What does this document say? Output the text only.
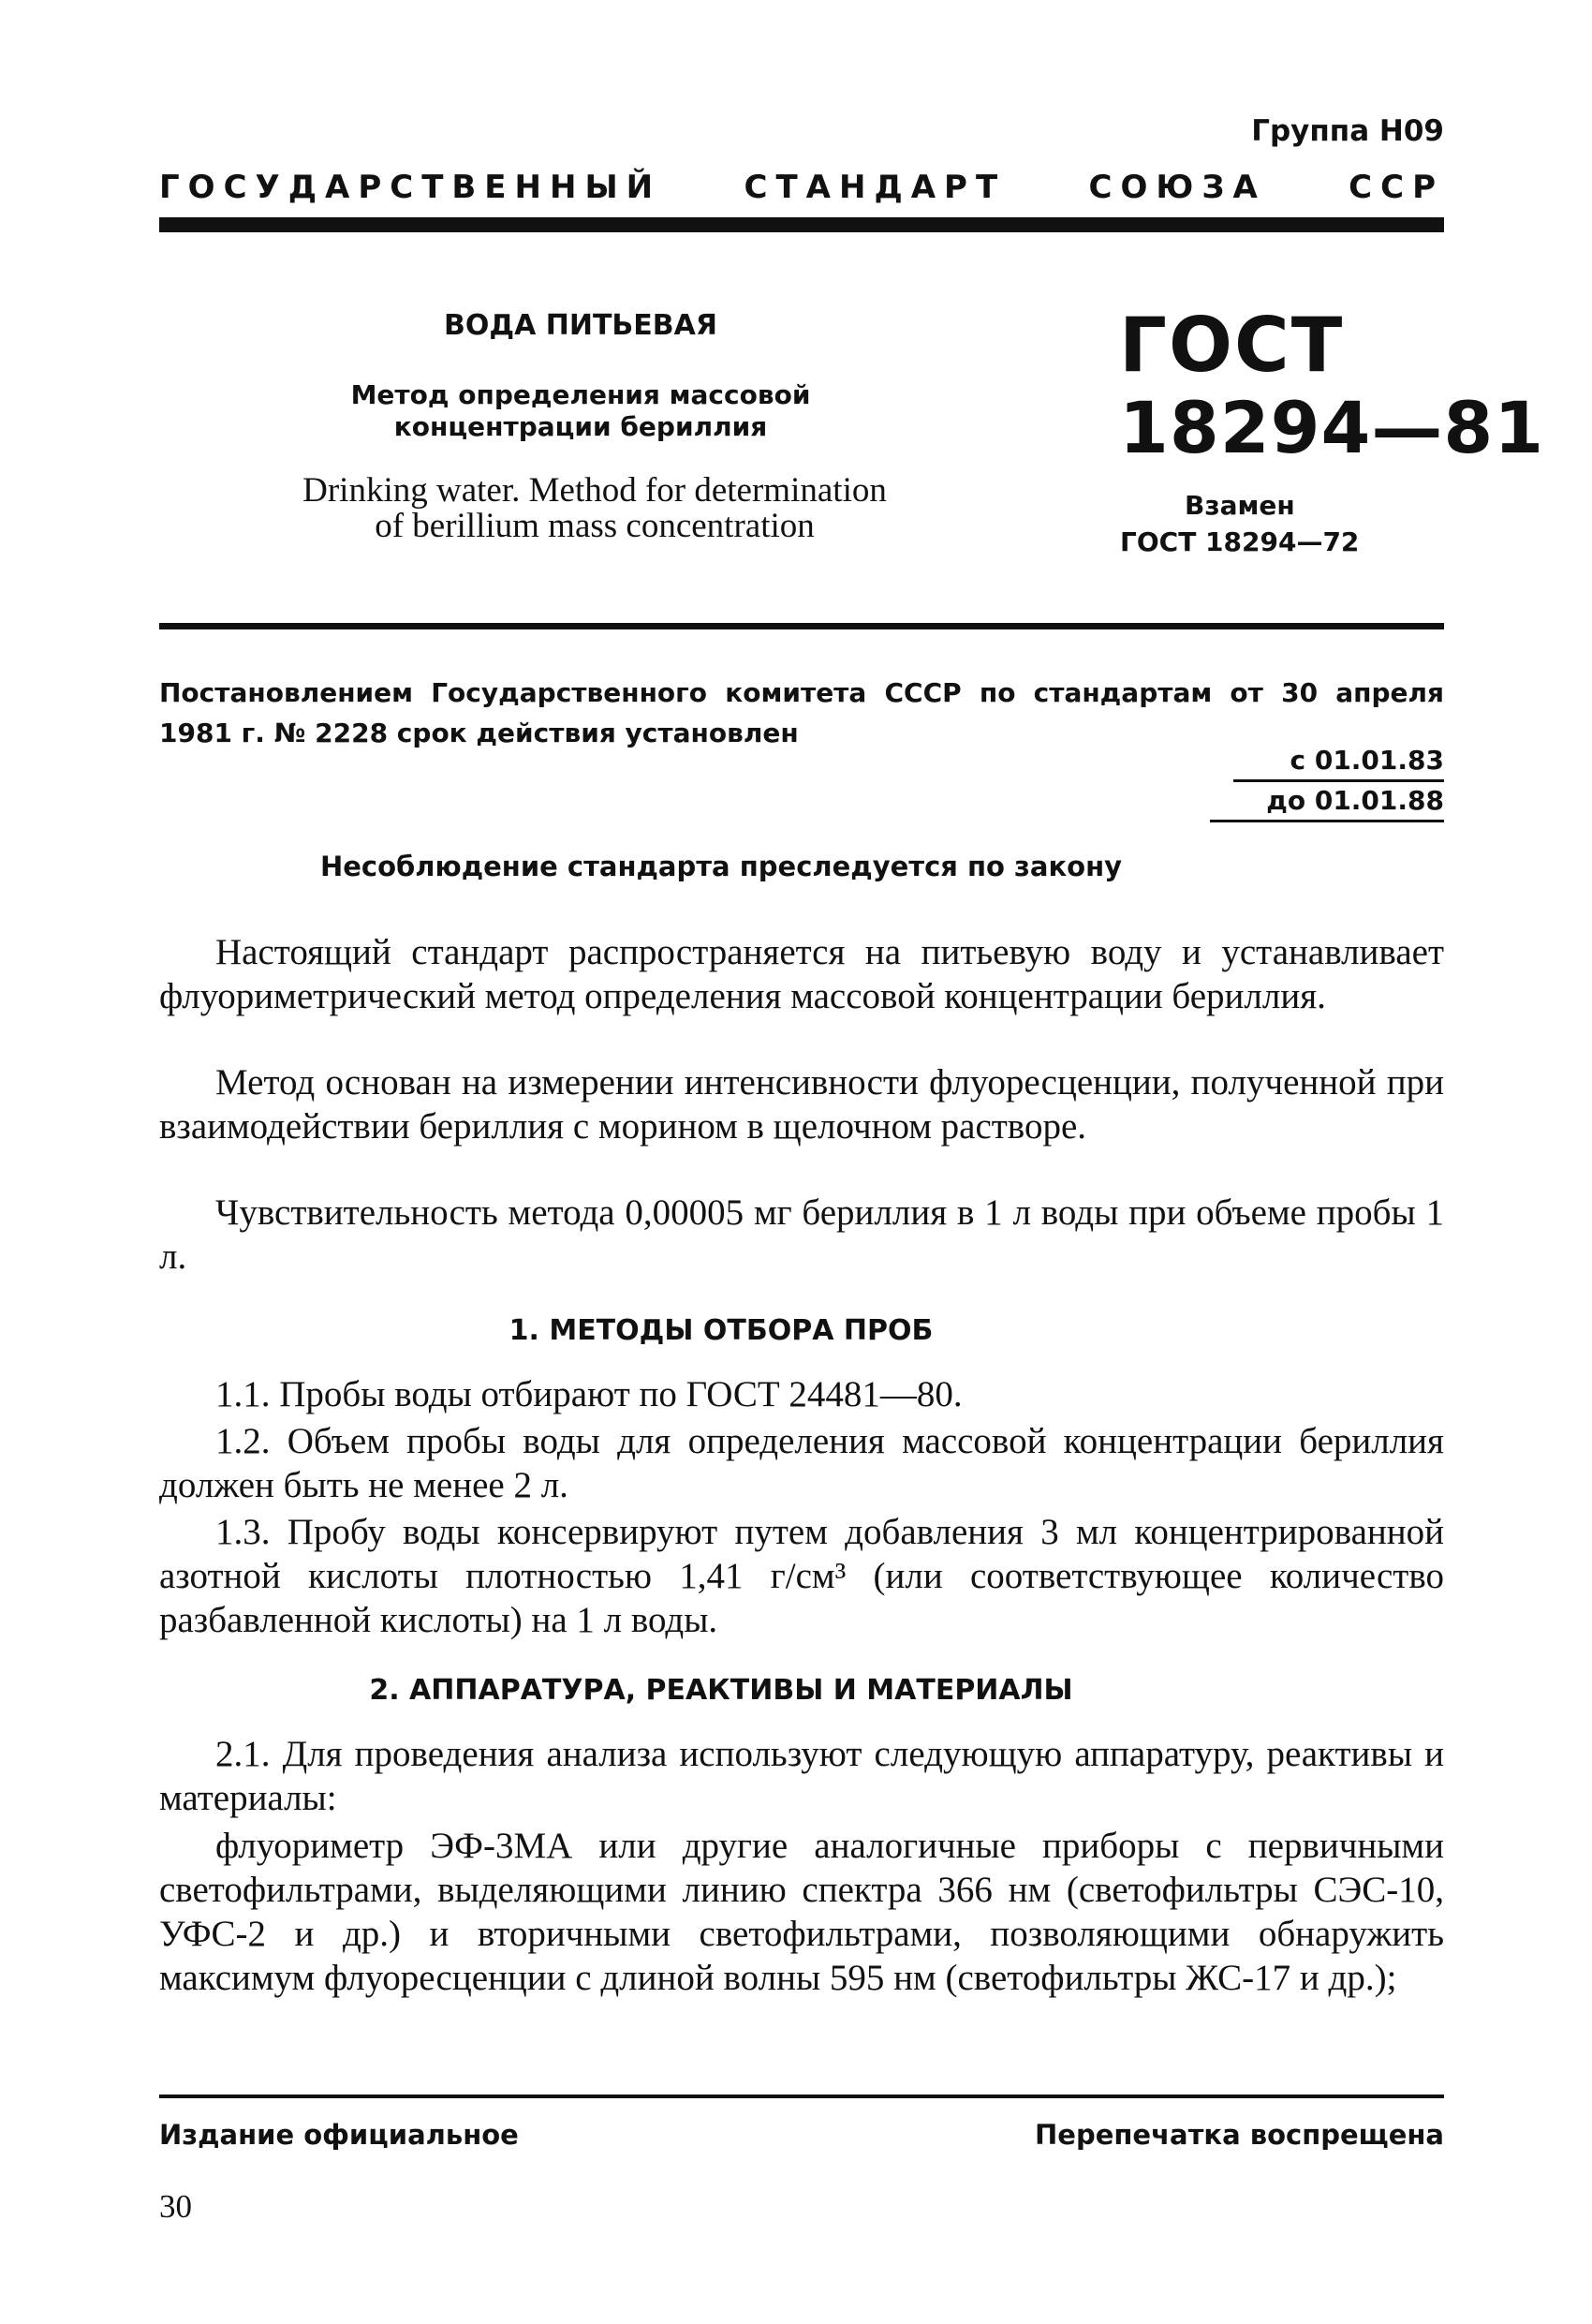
Группа Н09
ГОСУДАРСТВЕННЫЙ	СТАНДАРТ	СОЮЗА	ССР
ВОДА ПИТЬЕВАЯ
Метод определения массовой
концентрации бериллия
Drinking water. Method for determination
of berillium mass concentration
ГОСТ
18294—81
Взамен
ГОСТ 18294—72
Постановлением Государственного комитета СССР по стандартам от 30 апреля 1981 г. № 2228 срок действия установлен
с 01.01.83
до 01.01.88
Несоблюдение стандарта преследуется по закону
Настоящий стандарт распространяется на питьевую воду и устанавливает флуориметрический метод определения массовой концентрации бериллия.
Метод основан на измерении интенсивности флуоресценции, полученной при взаимодействии бериллия с морином в щелочном растворе.
Чувствительность метода 0,00005 мг бериллия в 1 л воды при объеме пробы 1 л.
1. МЕТОДЫ ОТБОРА ПРОБ
1.1. Пробы воды отбирают по ГОСТ 24481—80.
1.2. Объем пробы воды для определения массовой концентрации бериллия должен быть не менее 2 л.
1.3. Пробу воды консервируют путем добавления 3 мл концентрированной азотной кислоты плотностью 1,41 г/см³ (или соответствующее количество разбавленной кислоты) на 1 л воды.
2. АППАРАТУРА, РЕАКТИВЫ И МАТЕРИАЛЫ
2.1. Для проведения анализа используют следующую аппаратуру, реактивы и материалы:
флуориметр ЭФ-3МА или другие аналогичные приборы с первичными светофильтрами, выделяющими линию спектра 366 нм (светофильтры СЭС-10, УФС-2 и др.) и вторичными светофильтрами, позволяющими обнаружить максимум флуоресценции с длиной волны 595 нм (светофильтры ЖС-17 и др.);
Издание официальное	Перепечатка воспрещена
30
